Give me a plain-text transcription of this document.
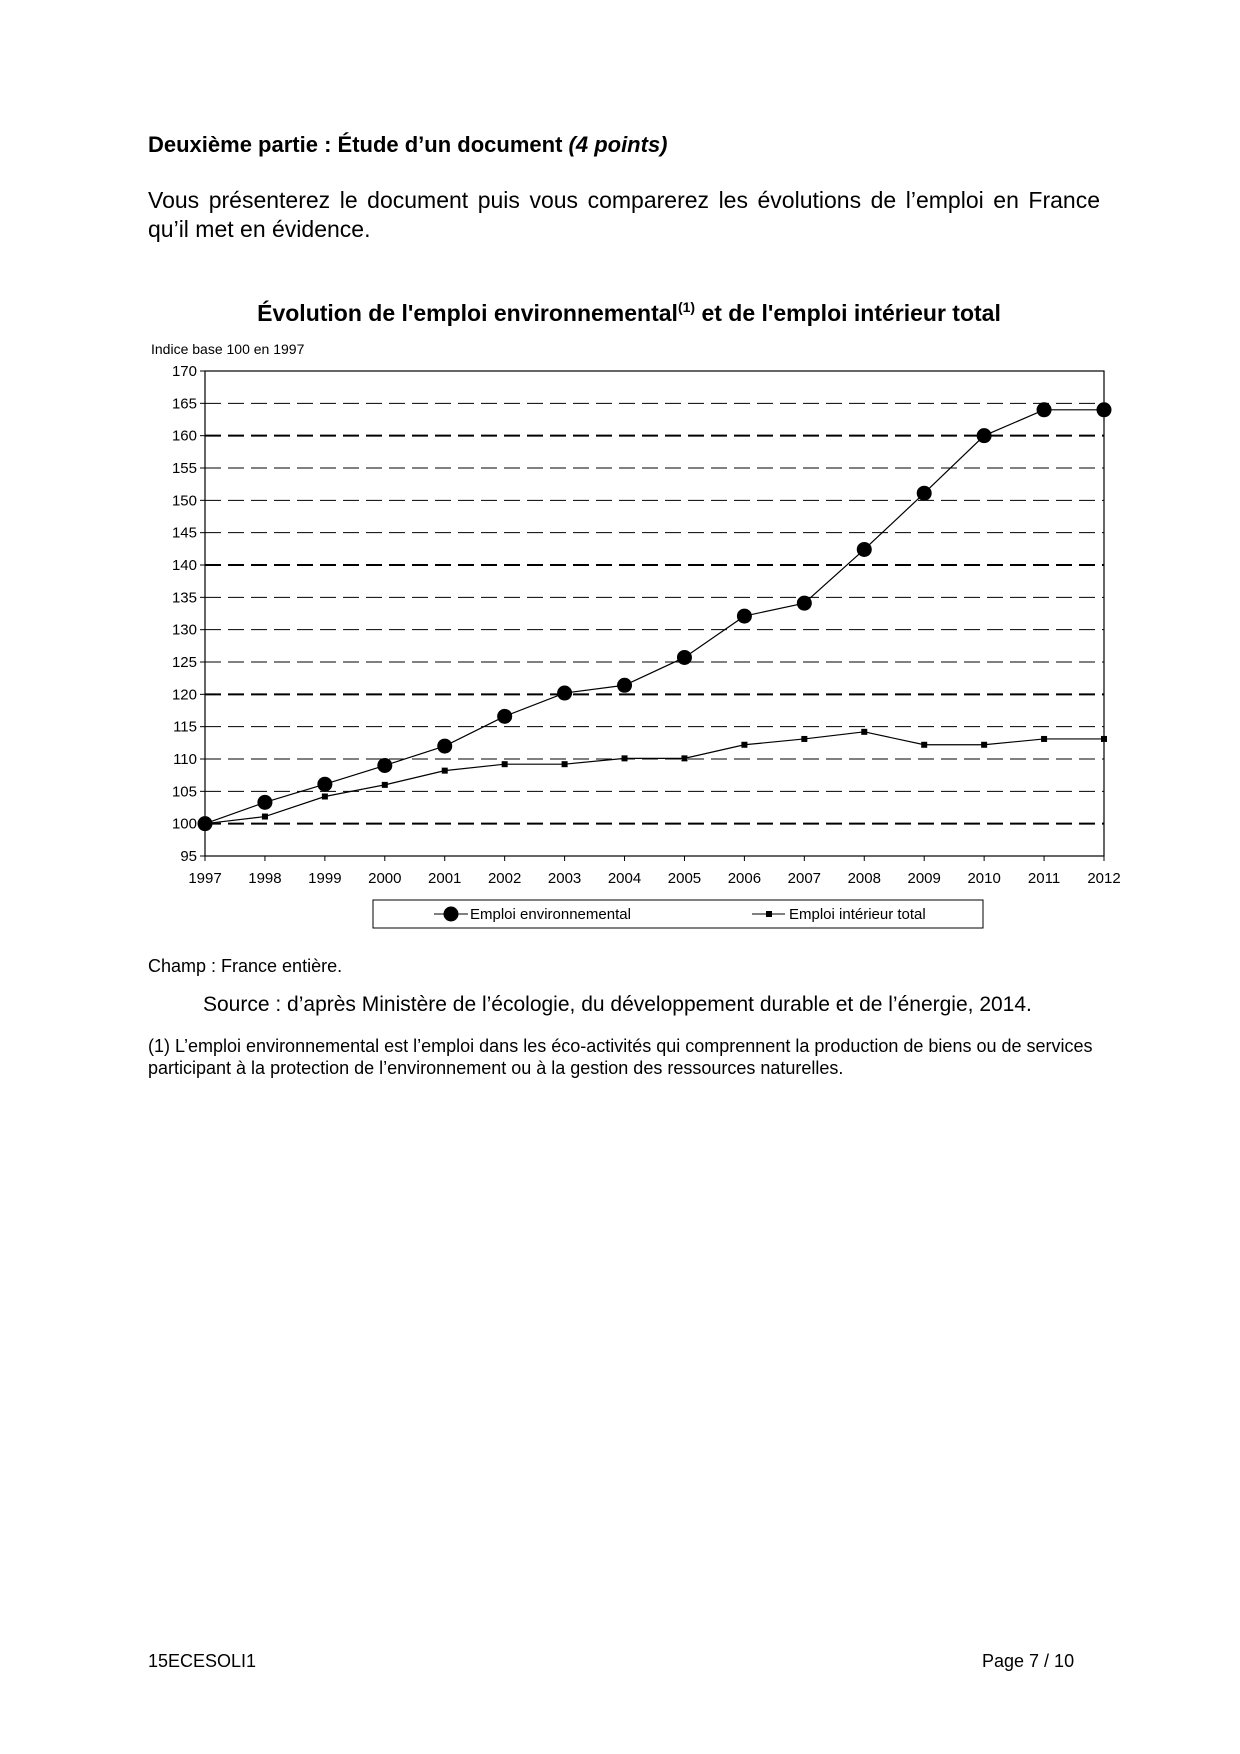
Deuxième partie : Étude d’un document (4 points)

Vous présenterez le document puis vous comparerez les évolutions de l’emploi en France qu’il met en évidence.

Évolution de l'emploi environnemental$^{(1)}$ et de l'emploi intérieur total
Indice base 100 en 1997
95
100
105
110
115
120
125
130
135
140
145
150
155
160
165
170
1997 1998 1999 2000 2001 2002 2003 2004 2005 2006 2007 2008 2009 2010 2011 2012
Emploi environnemental	Emploi intérieur total

Champ : France entière.

Source : d’après Ministère de l’écologie, du développement durable et de l’énergie, 2014.

(1) L’emploi environnemental est l’emploi dans les éco-activités qui comprennent la production de biens ou de services participant à la protection de l’environnement ou à la gestion des ressources naturelles.

15ECESOLI1	Page 7 / 10
